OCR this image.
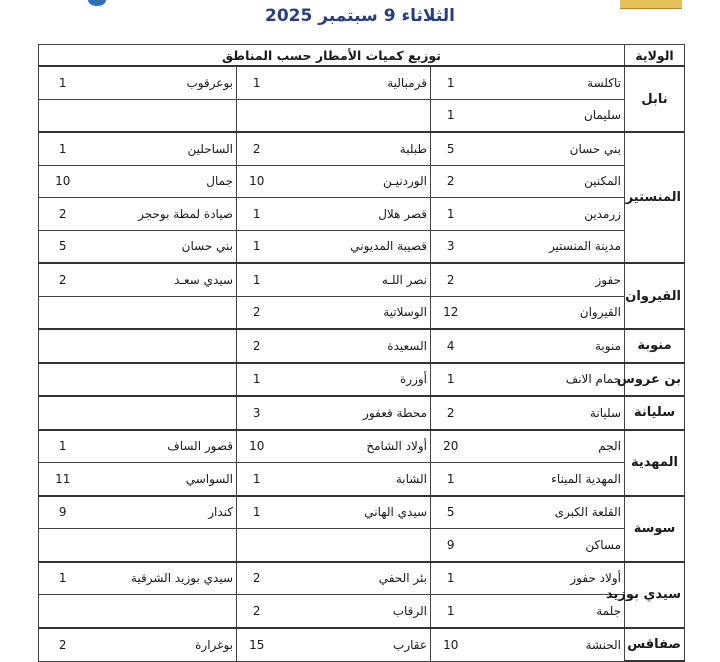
الثلاثاء 9 سبتمبر 2025
الولاية	توزيع كميات الأمطار حسب المناطق					
نابل	تاكلسة	1	قرمبالية	1	بوعرقوب	1
	سليمان	1				
المنستير	بني حسان	5	طبلبة	2	الساحلين	1
	المكنين	2	الوردنيـن	10	جمال	10
	زرمدين	1	قصر هلال	1	صيادة لمطة بوحجر	2
	مدينة المنستير	3	قصيبة المديوني	1	بني حسان	5
القيروان	حفوز	2	نصر اللـه	1	سيدي سعـد	2
	القيروان	12	الوسلاتية	2		
منوبة	منوبة	4	السعيدة	2		
بن عروس	حمام الانف	1	أوزرة	1		
سليانة	سليانة	2	محطة قعفور	3		
المهدية	الجم	20	أولاد الشامخ	10	قصور الساف	1
	المهدية الميناء	1	الشابة	1	السواسي	11
سوسة	القلعة الكبرى	5	سيدي الهاني	1	كندار	9
	مساكن	9				
سيدي بوزيد	أولاد حفوز	1	بئر الحفي	2	سيدي بوزيد الشرقية	1
	جلمة	1	الرقاب	2		
صفاقس	الحنشة	10	عقارب	15	بوغرارة	2
